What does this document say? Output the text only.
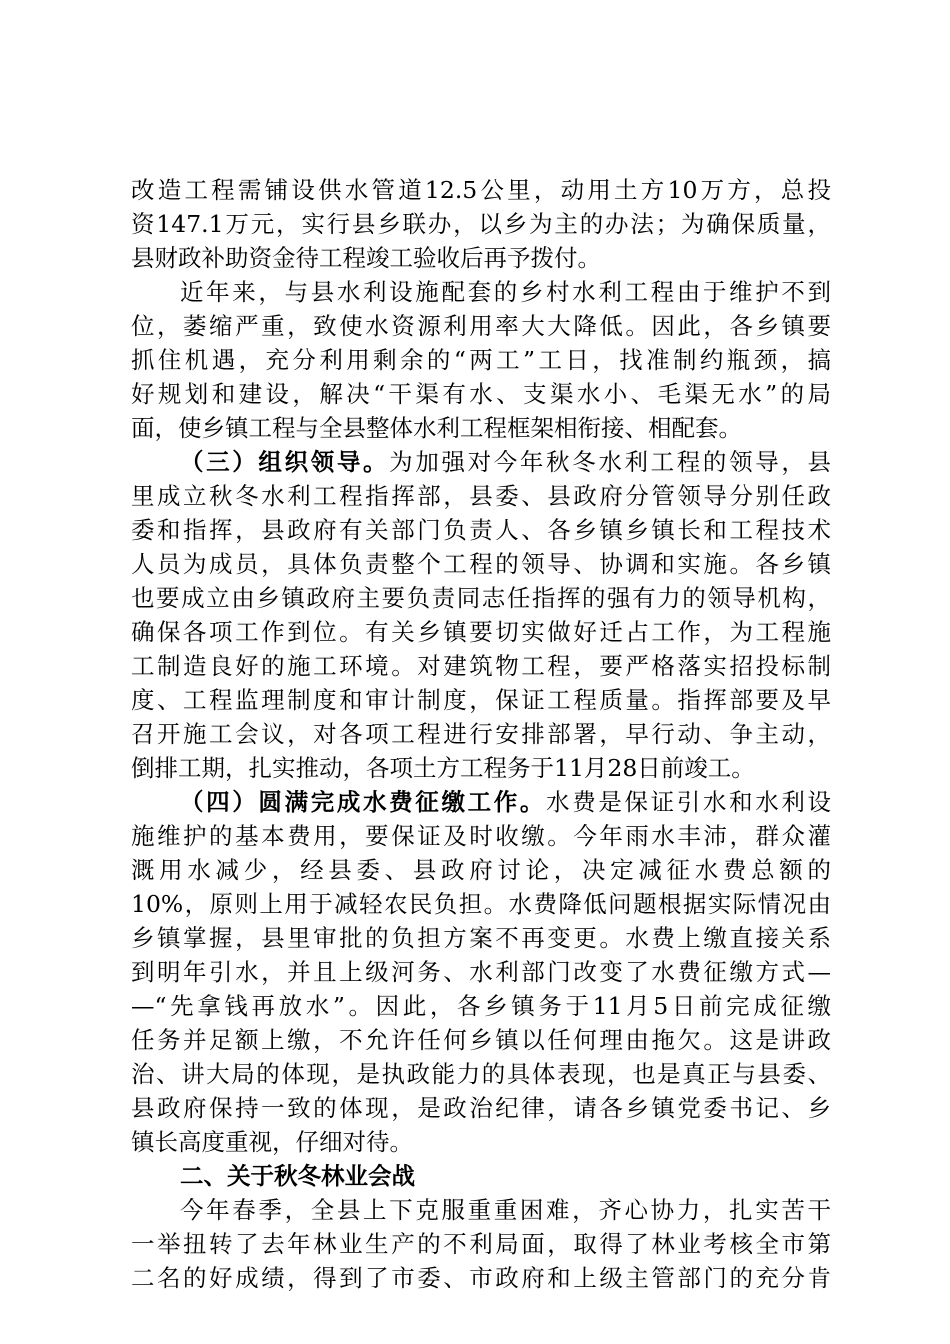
改造工程需铺设供水管道12.5公里，动用土方10万方，总投
资147.1万元，实行县乡联办，以乡为主的办法；为确保质量，
县财政补助资金待工程竣工验收后再予拨付。
近年来，与县水利设施配套的乡村水利工程由于维护不到
位，萎缩严重，致使水资源利用率大大降低。因此，各乡镇要
抓住机遇，充分利用剩余的“两工”工日，找准制约瓶颈，搞
好规划和建设，解决“干渠有水、支渠水小、毛渠无水”的局
面，使乡镇工程与全县整体水利工程框架相衔接、相配套。
（三）组织领导。为加强对今年秋冬水利工程的领导，县
里成立秋冬水利工程指挥部，县委、县政府分管领导分别任政
委和指挥，县政府有关部门负责人、各乡镇乡镇长和工程技术
人员为成员，具体负责整个工程的领导、协调和实施。各乡镇
也要成立由乡镇政府主要负责同志任指挥的强有力的领导机构，
确保各项工作到位。有关乡镇要切实做好迁占工作，为工程施
工制造良好的施工环境。对建筑物工程，要严格落实招投标制
度、工程监理制度和审计制度，保证工程质量。指挥部要及早
召开施工会议，对各项工程进行安排部署，早行动、争主动，
倒排工期，扎实推动，各项土方工程务于11月28日前竣工。
（四）圆满完成水费征缴工作。水费是保证引水和水利设
施维护的基本费用，要保证及时收缴。今年雨水丰沛，群众灌
溉用水减少，经县委、县政府讨论，决定减征水费总额的
10%，原则上用于减轻农民负担。水费降低问题根据实际情况由
乡镇掌握，县里审批的负担方案不再变更。水费上缴直接关系
到明年引水，并且上级河务、水利部门改变了水费征缴方式—
—“先拿钱再放水”。因此，各乡镇务于11月5日前完成征缴
任务并足额上缴，不允许任何乡镇以任何理由拖欠。这是讲政
治、讲大局的体现，是执政能力的具体表现，也是真正与县委、
县政府保持一致的体现，是政治纪律，请各乡镇党委书记、乡
镇长高度重视，仔细对待。
二、关于秋冬林业会战
今年春季，全县上下克服重重困难，齐心协力，扎实苦干
一举扭转了去年林业生产的不利局面，取得了林业考核全市第
二名的好成绩，得到了市委、市政府和上级主管部门的充分肯
